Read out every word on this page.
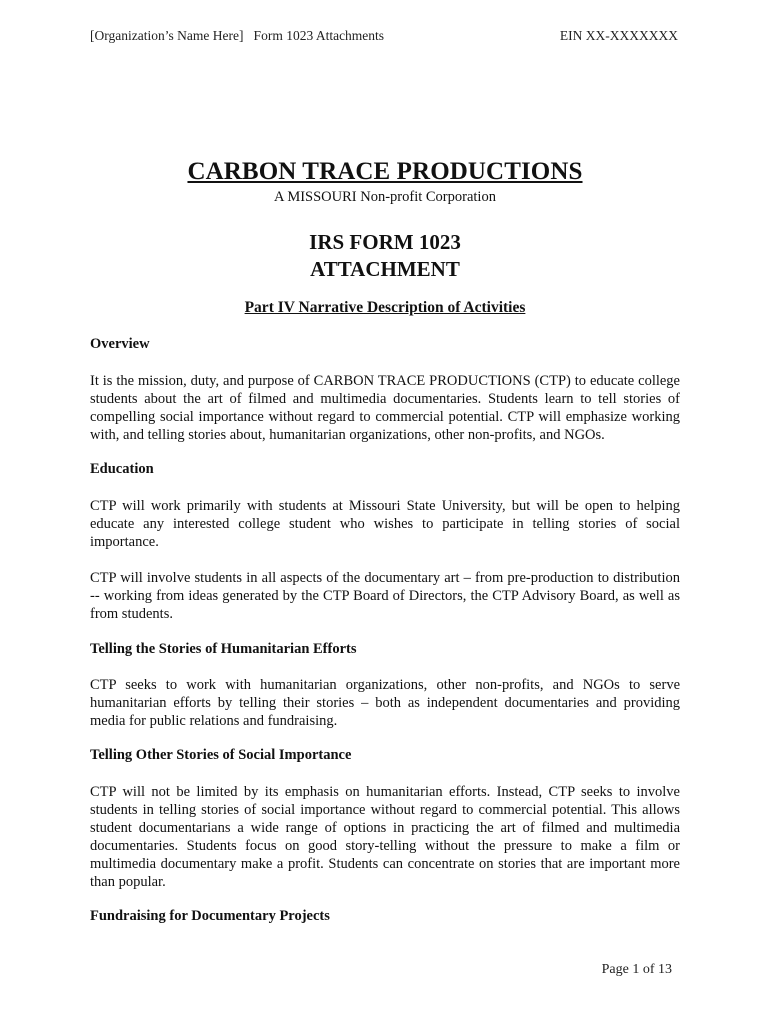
[Organization’s Name Here]   Form 1023 Attachments	EIN XX-XXXXXXX
CARBON TRACE PRODUCTIONS
A MISSOURI Non-profit Corporation
IRS FORM 1023
ATTACHMENT
Part IV Narrative Description of Activities
Overview

It is the mission, duty, and purpose of CARBON TRACE PRODUCTIONS (CTP) to educate college students about the art of filmed and multimedia documentaries. Students learn to tell stories of compelling social importance without regard to commercial potential. CTP will emphasize working with, and telling stories about, humanitarian organizations, other non-profits, and NGOs.

Education

CTP will work primarily with students at Missouri State University, but will be open to helping educate any interested college student who wishes to participate in telling stories of social importance.

CTP will involve students in all aspects of the documentary art – from pre-production to distribution -- working from ideas generated by the CTP Board of Directors, the CTP Advisory Board, as well as from students.

Telling the Stories of Humanitarian Efforts

CTP seeks to work with humanitarian organizations, other non-profits, and NGOs to serve humanitarian efforts by telling their stories – both as independent documentaries and providing media for public relations and fundraising.

Telling Other Stories of Social Importance

CTP will not be limited by its emphasis on humanitarian efforts. Instead, CTP seeks to involve students in telling stories of social importance without regard to commercial potential. This allows student documentarians a wide range of options in practicing the art of filmed and multimedia documentaries. Students focus on good story-telling without the pressure to make a film or multimedia documentary make a profit. Students can concentrate on stories that are important more than popular.

Fundraising for Documentary Projects
Page 1 of 13
